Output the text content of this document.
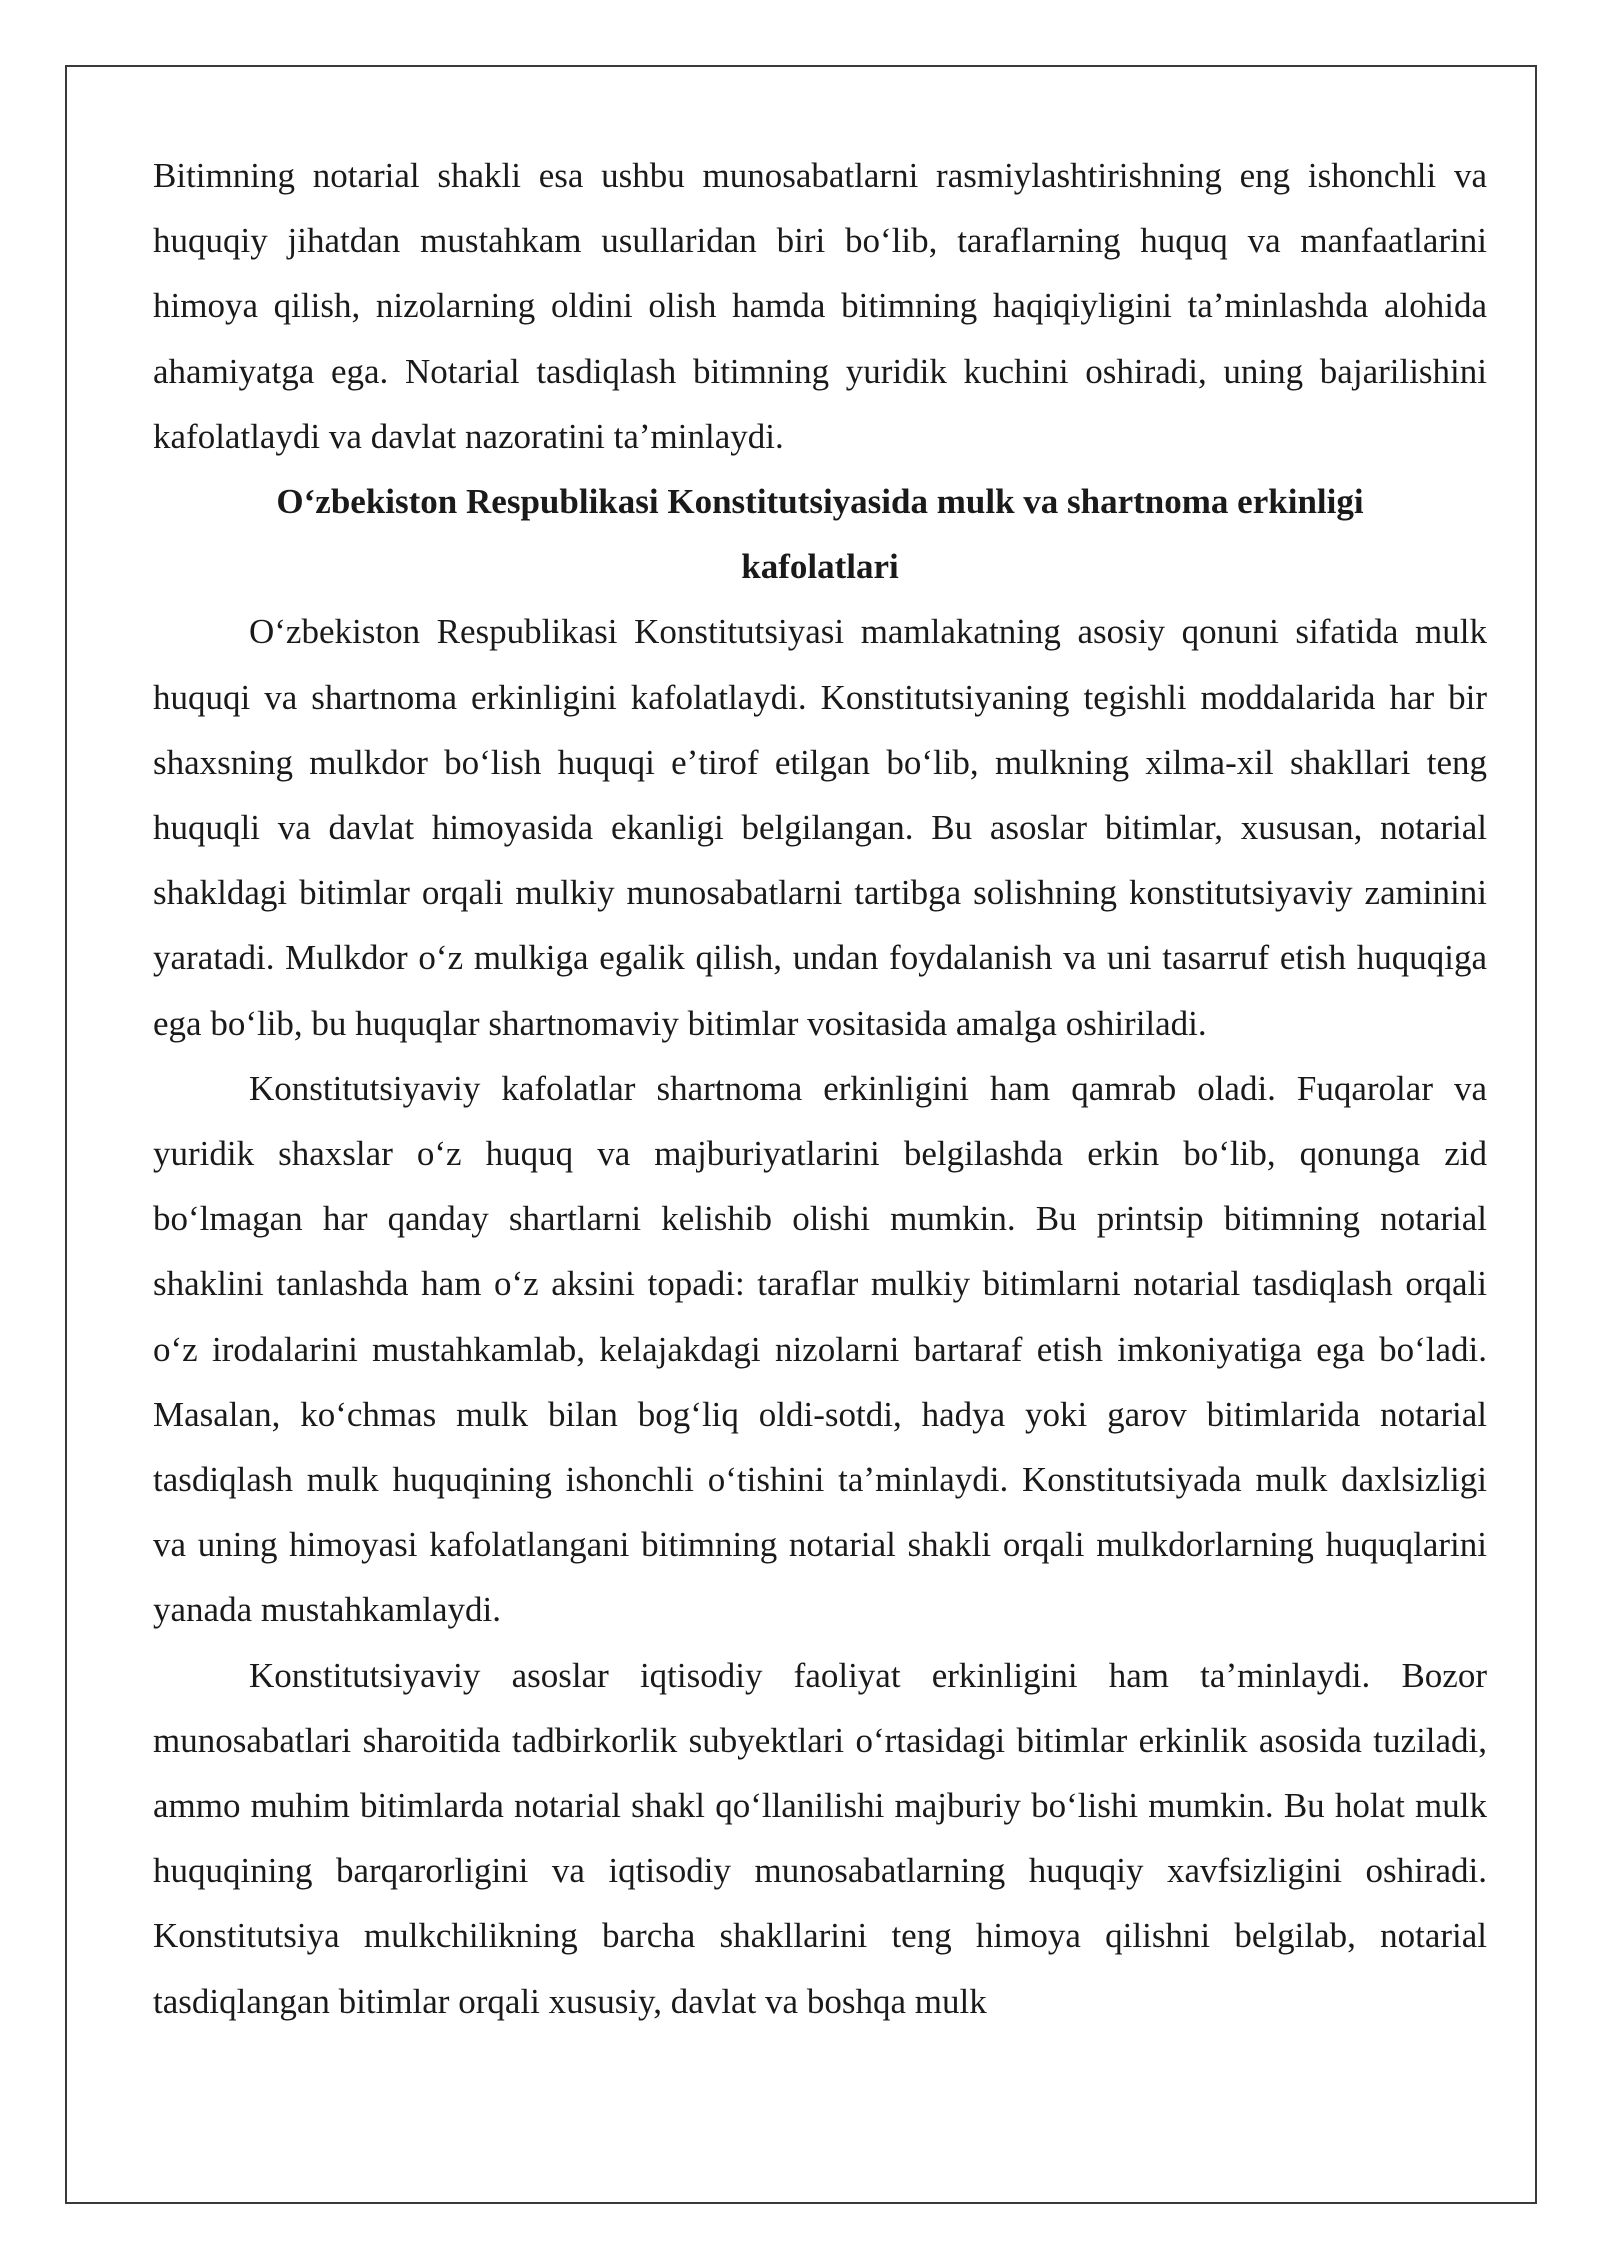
Bitimning notarial shakli esa ushbu munosabatlarni rasmiylashtirishning eng ishonchli va huquqiy jihatdan mustahkam usullaridan biri boʻlib, taraflarning huquq va manfaatlarini himoya qilish, nizolarning oldini olish hamda bitimning haqiqiyligini taʼminlashda alohida ahamiyatga ega. Notarial tasdiqlash bitimning yuridik kuchini oshiradi, uning bajarilishini kafolatlaydi va davlat nazoratini taʼminlaydi.

Oʻzbekiston Respublikasi Konstitutsiyasida mulk va shartnoma erkinligi kafolatlari

Oʻzbekiston Respublikasi Konstitutsiyasi mamlakatning asosiy qonuni sifatida mulk huquqi va shartnoma erkinligini kafolatlaydi. Konstitutsiyaning tegishli moddalarida har bir shaxsning mulkdor boʻlish huquqi eʼtirof etilgan boʻlib, mulkning xilma-xil shakllari teng huquqli va davlat himoyasida ekanligi belgilangan. Bu asoslar bitimlar, xususan, notarial shakldagi bitimlar orqali mulkiy munosabatlarni tartibga solishning konstitutsiyaviy zaminini yaratadi. Mulkdor oʻz mulkiga egalik qilish, undan foydalanish va uni tasarruf etish huquqiga ega boʻlib, bu huquqlar shartnomaviy bitimlar vositasida amalga oshiriladi.

Konstitutsiyaviy kafolatlar shartnoma erkinligini ham qamrab oladi. Fuqarolar va yuridik shaxslar oʻz huquq va majburiyatlarini belgilashda erkin boʻlib, qonunga zid boʻlmagan har qanday shartlarni kelishib olishi mumkin. Bu printsip bitimning notarial shaklini tanlashda ham oʻz aksini topadi: taraflar mulkiy bitimlarni notarial tasdiqlash orqali oʻz irodalarini mustahkamlab, kelajakdagi nizolarni bartaraf etish imkoniyatiga ega boʻladi. Masalan, koʻchmas mulk bilan bogʻliq oldi-sotdi, hadya yoki garov bitimlarida notarial tasdiqlash mulk huquqining ishonchli oʻtishini taʼminlaydi. Konstitutsiyada mulk daxlsizligi va uning himoyasi kafolatlangani bitimning notarial shakli orqali mulkdorlarning huquqlarini yanada mustahkamlaydi.

Konstitutsiyaviy asoslar iqtisodiy faoliyat erkinligini ham taʼminlaydi. Bozor munosabatlari sharoitida tadbirkorlik subyektlari oʻrtasidagi bitimlar erkinlik asosida tuziladi, ammo muhim bitimlarda notarial shakl qoʻllanilishi majburiy boʻlishi mumkin. Bu holat mulk huquqining barqarorligini va iqtisodiy munosabatlarning huquqiy xavfsizligini oshiradi. Konstitutsiya mulkchilikning barcha shakllarini teng himoya qilishni belgilab, notarial tasdiqlangan bitimlar orqali xususiy, davlat va boshqa mulk
